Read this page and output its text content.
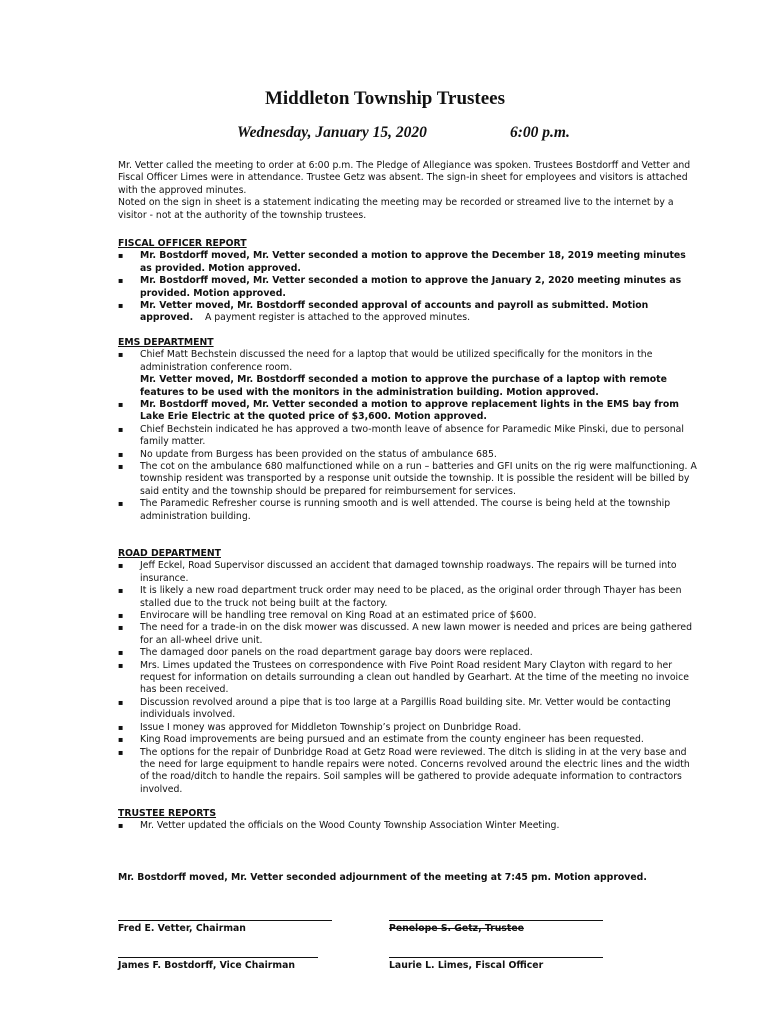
Middleton Township Trustees
Wednesday, January 15, 2020	6:00 p.m.

Mr. Vetter called the meeting to order at 6:00 p.m. The Pledge of Allegiance was spoken. Trustees Bostdorff and Vetter and Fiscal Officer Limes were in attendance. Trustee Getz was absent. The sign-in sheet for employees and visitors is attached with the approved minutes.

Noted on the sign in sheet is a statement indicating the meeting may be recorded or streamed live to the internet by a visitor - not at the authority of the township trustees.

FISCAL OFFICER REPORT

▪ Mr. Bostdorff moved, Mr. Vetter seconded a motion to approve the December 18, 2019 meeting minutes as provided. Motion approved.
▪ Mr. Bostdorff moved, Mr. Vetter seconded a motion to approve the January 2, 2020 meeting minutes as provided. Motion approved.
▪ Mr. Vetter moved, Mr. Bostdorff seconded approval of accounts and payroll as submitted. Motion approved. A payment register is attached to the approved minutes.

EMS DEPARTMENT

▪ Chief Matt Bechstein discussed the need for a laptop that would be utilized specifically for the monitors in the administration conference room.
Mr. Vetter moved, Mr. Bostdorff seconded a motion to approve the purchase of a laptop with remote features to be used with the monitors in the administration building. Motion approved.
▪ Mr. Bostdorff moved, Mr. Vetter seconded a motion to approve replacement lights in the EMS bay from Lake Erie Electric at the quoted price of $3,600. Motion approved.
▪ Chief Bechstein indicated he has approved a two-month leave of absence for Paramedic Mike Pinski, due to personal family matter.
▪ No update from Burgess has been provided on the status of ambulance 685.
▪ The cot on the ambulance 680 malfunctioned while on a run – batteries and GFI units on the rig were malfunctioning. A township resident was transported by a response unit outside the township. It is possible the resident will be billed by said entity and the township should be prepared for reimbursement for services.
▪ The Paramedic Refresher course is running smooth and is well attended. The course is being held at the township administration building.

ROAD DEPARTMENT

▪ Jeff Eckel, Road Supervisor discussed an accident that damaged township roadways. The repairs will be turned into insurance.
▪ It is likely a new road department truck order may need to be placed, as the original order through Thayer has been stalled due to the truck not being built at the factory.
▪ Envirocare will be handling tree removal on King Road at an estimated price of $600.
▪ The need for a trade-in on the disk mower was discussed. A new lawn mower is needed and prices are being gathered for an all-wheel drive unit.
▪ The damaged door panels on the road department garage bay doors were replaced.
▪ Mrs. Limes updated the Trustees on correspondence with Five Point Road resident Mary Clayton with regard to her request for information on details surrounding a clean out handled by Gearhart. At the time of the meeting no invoice has been received.
▪ Discussion revolved around a pipe that is too large at a Pargillis Road building site. Mr. Vetter would be contacting individuals involved.
▪ Issue I money was approved for Middleton Township’s project on Dunbridge Road.
▪ King Road improvements are being pursued and an estimate from the county engineer has been requested.
▪ The options for the repair of Dunbridge Road at Getz Road were reviewed. The ditch is sliding in at the very base and the need for large equipment to handle repairs were noted. Concerns revolved around the electric lines and the width of the road/ditch to handle the repairs. Soil samples will be gathered to provide adequate information to contractors involved.

TRUSTEE REPORTS

▪ Mr. Vetter updated the officials on the Wood County Township Association Winter Meeting.
Mr. Bostdorff moved, Mr. Vetter seconded adjournment of the meeting at 7:45 pm. Motion approved.
Fred E. Vetter, Chairman	Penelope S. Getz, Trustee
James F. Bostdorff, Vice Chairman	Laurie L. Limes, Fiscal Officer
